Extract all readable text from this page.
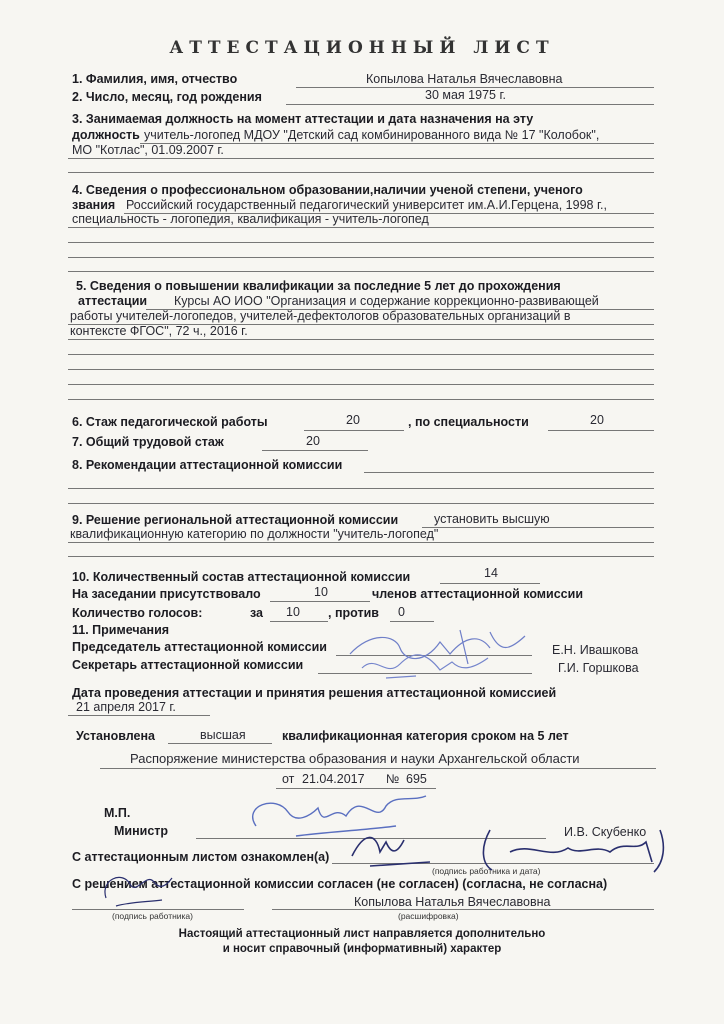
АТТЕСТАЦИОННЫЙ ЛИСТ
1. Фамилия, имя, отчество	Копылова Наталья Вячеславовна
2. Число, месяц, год рождения	30 мая 1975 г.
3. Занимаемая должность на момент аттестации и дата назначения на эту
должность учитель-логопед МДОУ "Детский сад комбинированного вида № 17 "Колобок",
МО "Котлас", 01.09.2007 г.
4. Сведения о профессиональном образовании,наличии ученой степени, ученого
звания Российский государственный педагогический университет им.А.И.Герцена, 1998 г.,
специальность - логопедия, квалификация - учитель-логопед
5. Сведения о повышении квалификации за последние 5 лет до прохождения
аттестации Курсы АО ИОО "Организация и содержание коррекционно-развивающей
работы учителей-логопедов, учителей-дефектологов образовательных организаций в
контексте ФГОС", 72 ч., 2016 г.
6. Стаж педагогической работы	20	, по специальности	20
7. Общий трудовой стаж	20
8. Рекомендации аттестационной комиссии
9. Решение региональной аттестационной комиссии	установить высшую
квалификационную категорию по должности "учитель-логопед"
10. Количественный состав аттестационной комиссии	14
На заседании присутствовало	10	членов аттестационной комиссии
Количество голосов:	за 10 , против 0
11. Примечания
Председатель аттестационной комиссии	Е.Н. Ивашкова
Секретарь аттестационной комиссии	Г.И. Горшкова
Дата проведения аттестации и принятия решения аттестационной комиссией
21 апреля 2017 г.
Установлена	высшая	квалификационная категория сроком на 5 лет
Распоряжение министерства образования и науки Архангельской области
от 21.04.2017 № 695
М.П.
Министр	И.В. Скубенко
С аттестационным листом ознакомлен(а)
(подпись работника и дата)
С решением аттестационной комиссии согласен (не согласен) (согласна, не согласна)
(подпись работника)
Копылова Наталья Вячеславовна
(расшифровка)
Настоящий аттестационный лист направляется дополнительно
и носит справочный (информативный) характер
